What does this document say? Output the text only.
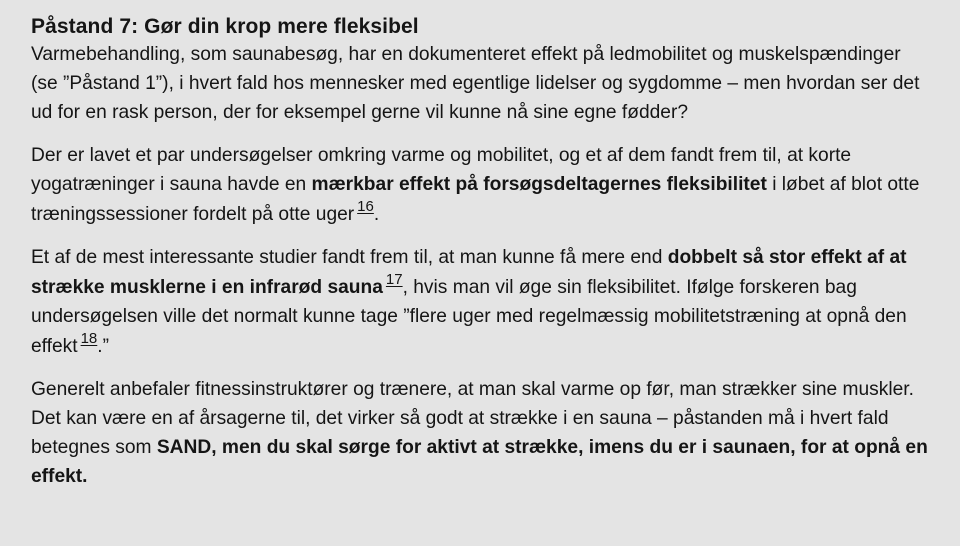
Påstand 7: Gør din krop mere fleksibel

Varmebehandling, som saunabesøg, har en dokumenteret effekt på ledmobilitet og muskelspændinger (se ”Påstand 1”), i hvert fald hos mennesker med egentlige lidelser og sygdomme – men hvordan ser det ud for en rask person, der for eksempel gerne vil kunne nå sine egne fødder?

Der er lavet et par undersøgelser omkring varme og mobilitet, og et af dem fandt frem til, at korte yogatræninger i sauna havde en mærkbar effekt på forsøgsdeltagernes fleksibilitet i løbet af blot otte træningssessioner fordelt på otte uger 16.

Et af de mest interessante studier fandt frem til, at man kunne få mere end dobbelt så stor effekt af at strække musklerne i en infrarød sauna 17, hvis man vil øge sin fleksibilitet. Ifølge forskeren bag undersøgelsen ville det normalt kunne tage ”flere uger med regelmæssig mobilitetstræning at opnå den effekt 18.”

Generelt anbefaler fitnessinstruktører og trænere, at man skal varme op før, man strækker sine muskler. Det kan være en af årsagerne til, det virker så godt at strække i en sauna – påstanden må i hvert fald betegnes som SAND, men du skal sørge for aktivt at strække, imens du er i saunaen, for at opnå en effekt.
